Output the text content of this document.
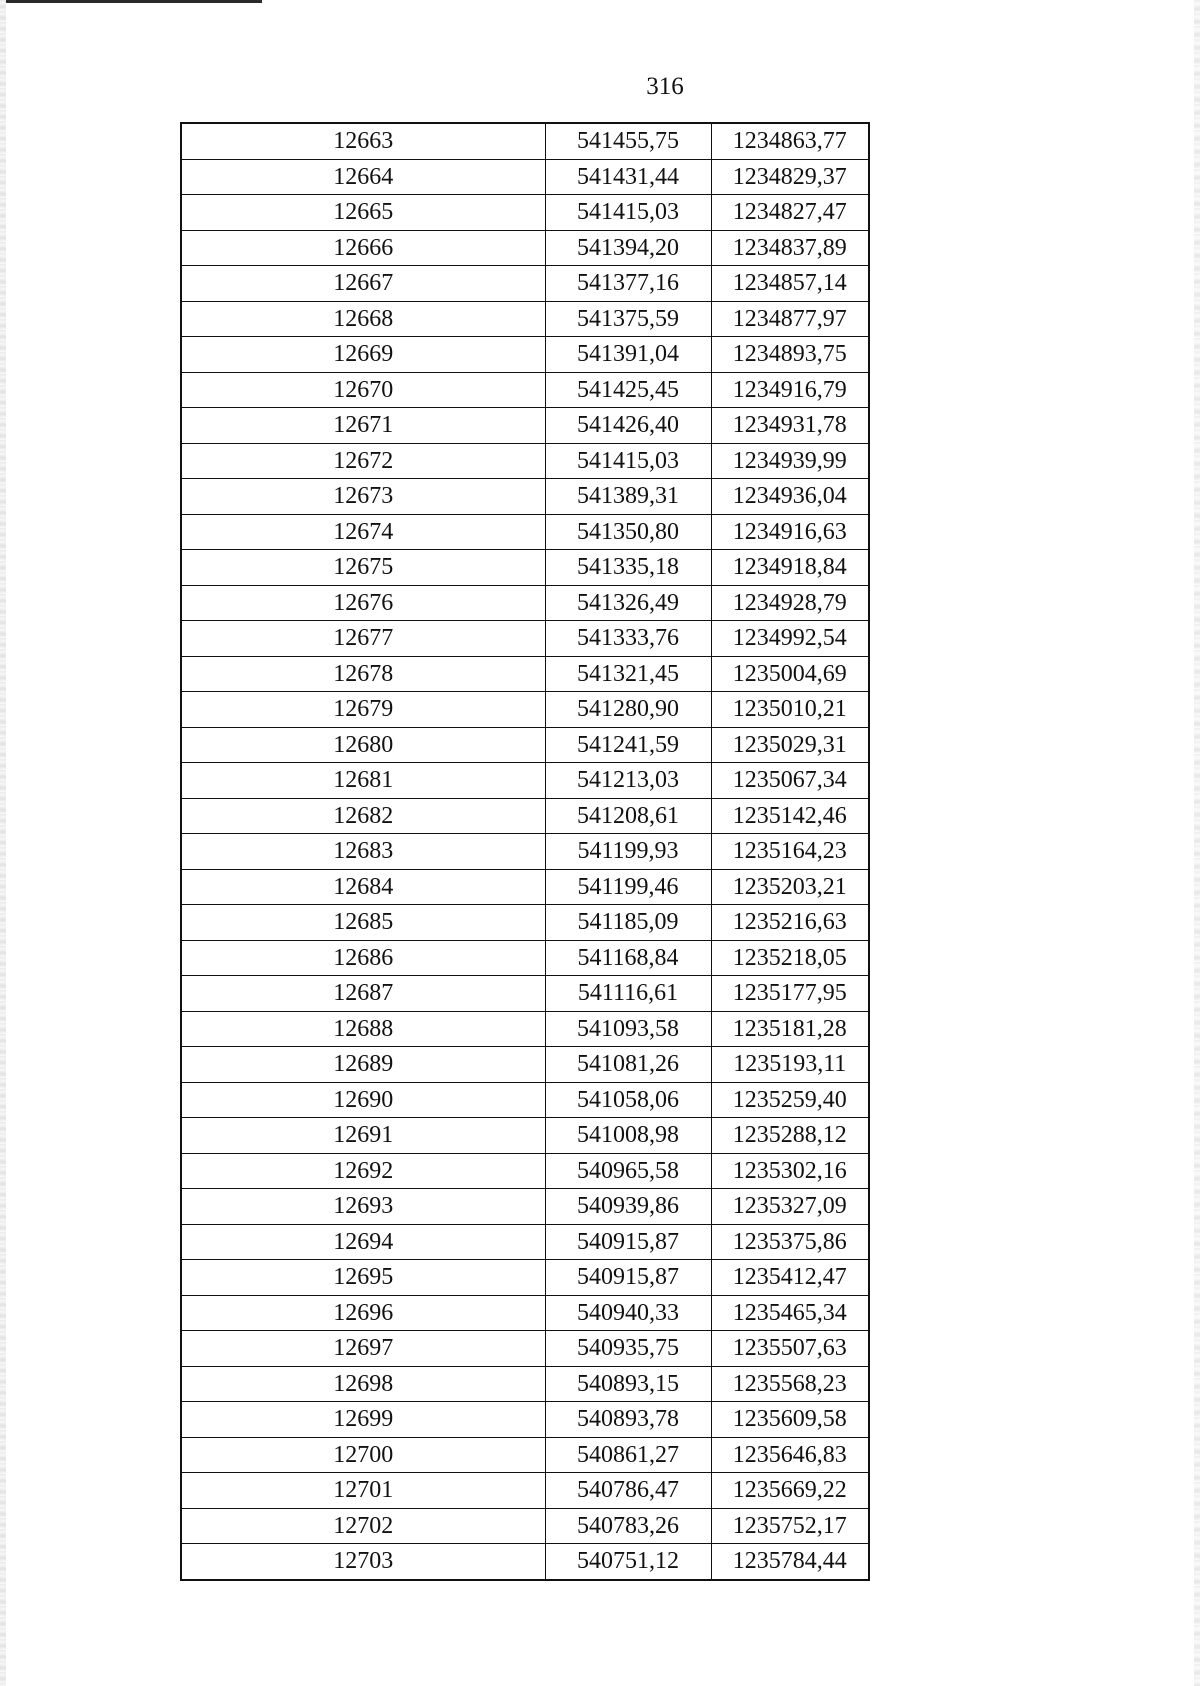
316
12663	541455,75	1234863,77
12664	541431,44	1234829,37
12665	541415,03	1234827,47
12666	541394,20	1234837,89
12667	541377,16	1234857,14
12668	541375,59	1234877,97
12669	541391,04	1234893,75
12670	541425,45	1234916,79
12671	541426,40	1234931,78
12672	541415,03	1234939,99
12673	541389,31	1234936,04
12674	541350,80	1234916,63
12675	541335,18	1234918,84
12676	541326,49	1234928,79
12677	541333,76	1234992,54
12678	541321,45	1235004,69
12679	541280,90	1235010,21
12680	541241,59	1235029,31
12681	541213,03	1235067,34
12682	541208,61	1235142,46
12683	541199,93	1235164,23
12684	541199,46	1235203,21
12685	541185,09	1235216,63
12686	541168,84	1235218,05
12687	541116,61	1235177,95
12688	541093,58	1235181,28
12689	541081,26	1235193,11
12690	541058,06	1235259,40
12691	541008,98	1235288,12
12692	540965,58	1235302,16
12693	540939,86	1235327,09
12694	540915,87	1235375,86
12695	540915,87	1235412,47
12696	540940,33	1235465,34
12697	540935,75	1235507,63
12698	540893,15	1235568,23
12699	540893,78	1235609,58
12700	540861,27	1235646,83
12701	540786,47	1235669,22
12702	540783,26	1235752,17
12703	540751,12	1235784,44
